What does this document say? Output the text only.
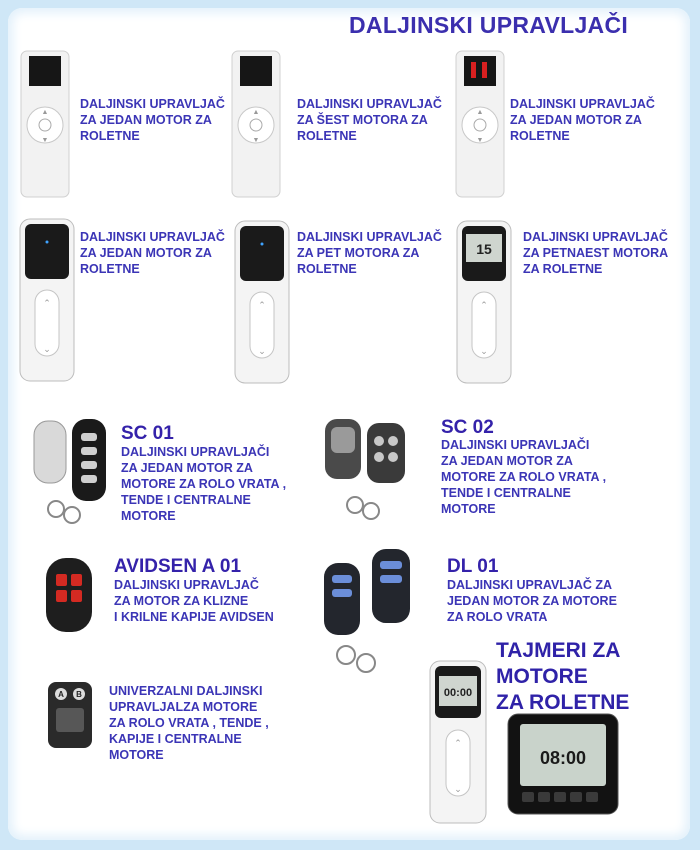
DALJINSKI UPRAVLJAČI
▲
▼
DALJINSKI UPRAVLJAČ
ZA JEDAN MOTOR ZA
ROLETNE
▲
▼
DALJINSKI UPRAVLJAČ
ZA ŠEST MOTORA ZA
ROLETNE
▲
▼
DALJINSKI UPRAVLJAČ
ZA JEDAN MOTOR ZA
ROLETNE
⌃
⌄
DALJINSKI UPRAVLJAČ
ZA JEDAN MOTOR ZA
ROLETNE
⌃
⌄
DALJINSKI UPRAVLJAČ
ZA PET MOTORA ZA
ROLETNE
15
⌃
⌄
DALJINSKI UPRAVLJAČ
ZA PETNAEST MOTORA
ZA ROLETNE
SC 01
DALJINSKI UPRAVLJAČI
ZA JEDAN MOTOR ZA
MOTORE ZA ROLO VRATA ,
TENDE I CENTRALNE
MOTORE
SC 02
DALJINSKI UPRAVLJAČI
ZA JEDAN MOTOR ZA
MOTORE ZA ROLO VRATA ,
TENDE I CENTRALNE
MOTORE
AVIDSEN A 01
DALJINSKI UPRAVLJAČ
ZA MOTOR ZA KLIZNE
I KRILNE KAPIJE AVIDSEN
DL 01
DALJINSKI UPRAVLJAČ ZA
JEDAN MOTOR ZA MOTORE
ZA ROLO VRATA
A B UNIVERZALNI DALJINSKI
UPRAVLJALZA MOTORE
ZA ROLO VRATA , TENDE ,
KAPIJE I CENTRALNE
MOTORE
TAJMERI ZA
MOTORE
ZA ROLETNE
00:00
⌃
⌄
08:00
